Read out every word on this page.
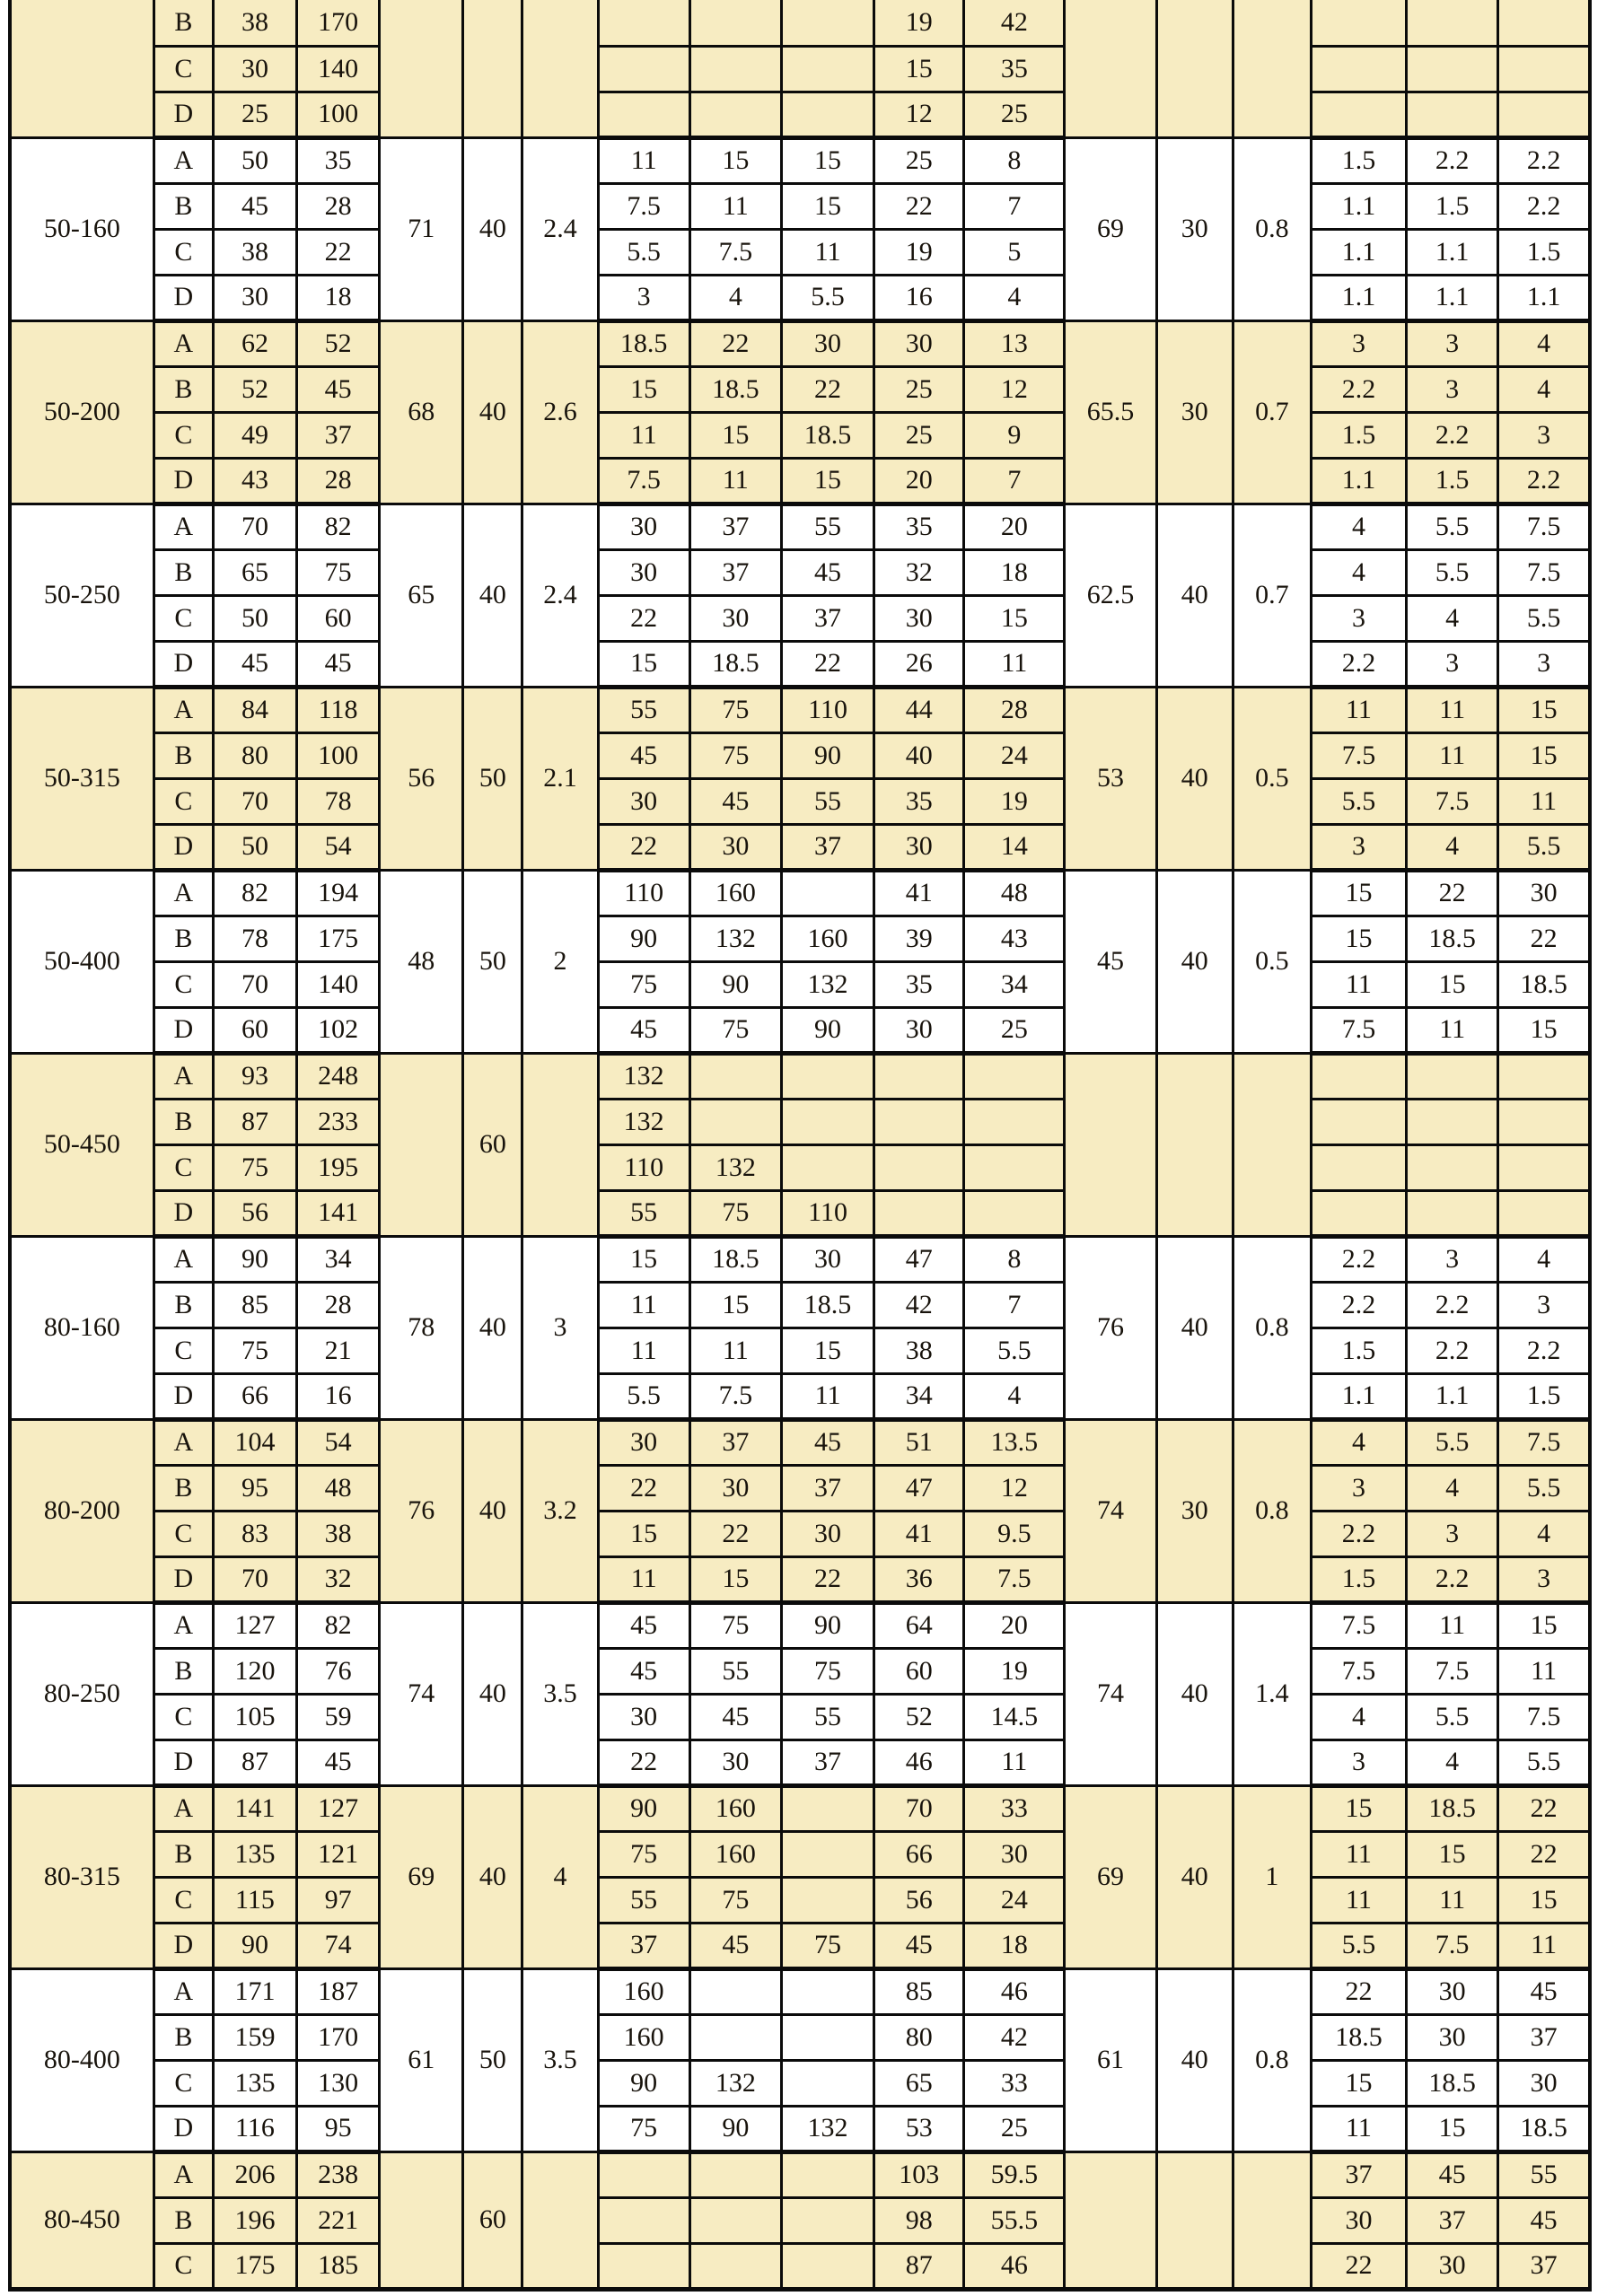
	B	38	170							19	42						
	C	30	140							15	35						
	D	25	100							12	25						
50-160	A	50	35	71	40	2.4	11	15	15	25	8	69	30	0.8	1.5	2.2	2.2
	B	45	28				7.5	11	15	22	7				1.1	1.5	2.2
	C	38	22				5.5	7.5	11	19	5				1.1	1.1	1.5
	D	30	18				3	4	5.5	16	4				1.1	1.1	1.1
50-200	A	62	52	68	40	2.6	18.5	22	30	30	13	65.5	30	0.7	3	3	4
	B	52	45				15	18.5	22	25	12				2.2	3	4
	C	49	37				11	15	18.5	25	9				1.5	2.2	3
	D	43	28				7.5	11	15	20	7				1.1	1.5	2.2
50-250	A	70	82	65	40	2.4	30	37	55	35	20	62.5	40	0.7	4	5.5	7.5
	B	65	75				30	37	45	32	18				4	5.5	7.5
	C	50	60				22	30	37	30	15				3	4	5.5
	D	45	45				15	18.5	22	26	11				2.2	3	3
50-315	A	84	118	56	50	2.1	55	75	110	44	28	53	40	0.5	11	11	15
	B	80	100				45	75	90	40	24				7.5	11	15
	C	70	78				30	45	55	35	19				5.5	7.5	11
	D	50	54				22	30	37	30	14				3	4	5.5
50-400	A	82	194	48	50	2	110	160		41	48	45	40	0.5	15	22	30
	B	78	175				90	132	160	39	43				15	18.5	22
	C	70	140				75	90	132	35	34				11	15	18.5
	D	60	102				45	75	90	30	25				7.5	11	15
50-450	A	93	248		60		132										
	B	87	233				132										
	C	75	195				110	132									
	D	56	141				55	75	110								
80-160	A	90	34	78	40	3	15	18.5	30	47	8	76	40	0.8	2.2	3	4
	B	85	28				11	15	18.5	42	7				2.2	2.2	3
	C	75	21				11	11	15	38	5.5				1.5	2.2	2.2
	D	66	16				5.5	7.5	11	34	4				1.1	1.1	1.5
80-200	A	104	54	76	40	3.2	30	37	45	51	13.5	74	30	0.8	4	5.5	7.5
	B	95	48				22	30	37	47	12				3	4	5.5
	C	83	38				15	22	30	41	9.5				2.2	3	4
	D	70	32				11	15	22	36	7.5				1.5	2.2	3
80-250	A	127	82	74	40	3.5	45	75	90	64	20	74	40	1.4	7.5	11	15
	B	120	76				45	55	75	60	19				7.5	7.5	11
	C	105	59				30	45	55	52	14.5				4	5.5	7.5
	D	87	45				22	30	37	46	11				3	4	5.5
80-315	A	141	127	69	40	4	90	160		70	33	69	40	1	15	18.5	22
	B	135	121				75	160		66	30				11	15	22
	C	115	97				55	75		56	24				11	11	15
	D	90	74				37	45	75	45	18				5.5	7.5	11
80-400	A	171	187	61	50	3.5	160			85	46	61	40	0.8	22	30	45
	B	159	170				160			80	42				18.5	30	37
	C	135	130				90	132		65	33				15	18.5	30
	D	116	95				75	90	132	53	25				11	15	18.5
80-450	A	206	238		60					103	59.5				37	45	55
	B	196	221							98	55.5				30	37	45
	C	175	185							87	46				22	30	37
